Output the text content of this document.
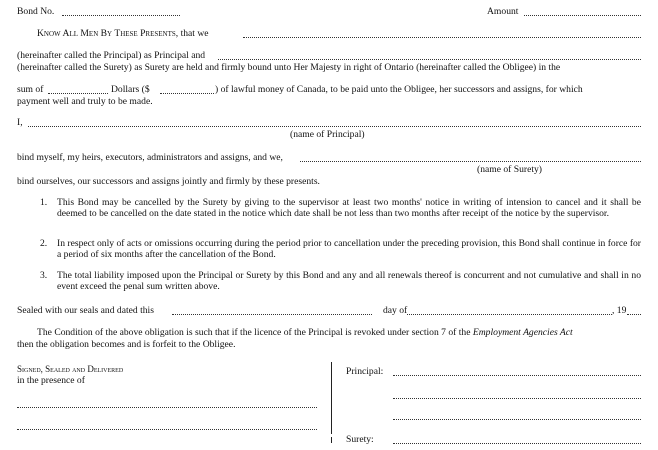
Bond No.	Amount
Know All Men By These Presents, that we
(hereinafter called the Principal) as Principal and
(hereinafter called the Surety) as Surety are held and firmly bound unto Her Majesty in right of Ontario (hereinafter called the Obligee) in the
sum of	Dollars ($	) of lawful money of Canada, to be paid unto the Obligee, her successors and assigns, for which
payment well and truly to be made.
I,
(name of Principal)
bind myself, my heirs, executors, administrators and assigns, and we,
(name of Surety)
bind ourselves, our successors and assigns jointly and firmly by these presents.
1. This Bond may be cancelled by the Surety by giving to the supervisor at least two months' notice in writing of intension to cancel and it shall be deemed to be cancelled on the date stated in the notice which date shall be not less than two months after receipt of the notice by the supervisor.
2. In respect only of acts or omissions occurring during the period prior to cancellation under the preceding provision, this Bond shall continue in force for a period of six months after the cancellation of the Bond.
3. The total liability imposed upon the Principal or Surety by this Bond and any and all renewals thereof is concurrent and not cumulative and shall in no event exceed the penal sum written above.
Sealed with our seals and dated this	day of	, 19
The Condition of the above obligation is such that if the licence of the Principal is revoked under section 7 of the Employment Agencies Act
then the obligation becomes and is forfeit to the Obligee.
Signed, Sealed and Delivered
in the presence of
Principal:
Surety:
